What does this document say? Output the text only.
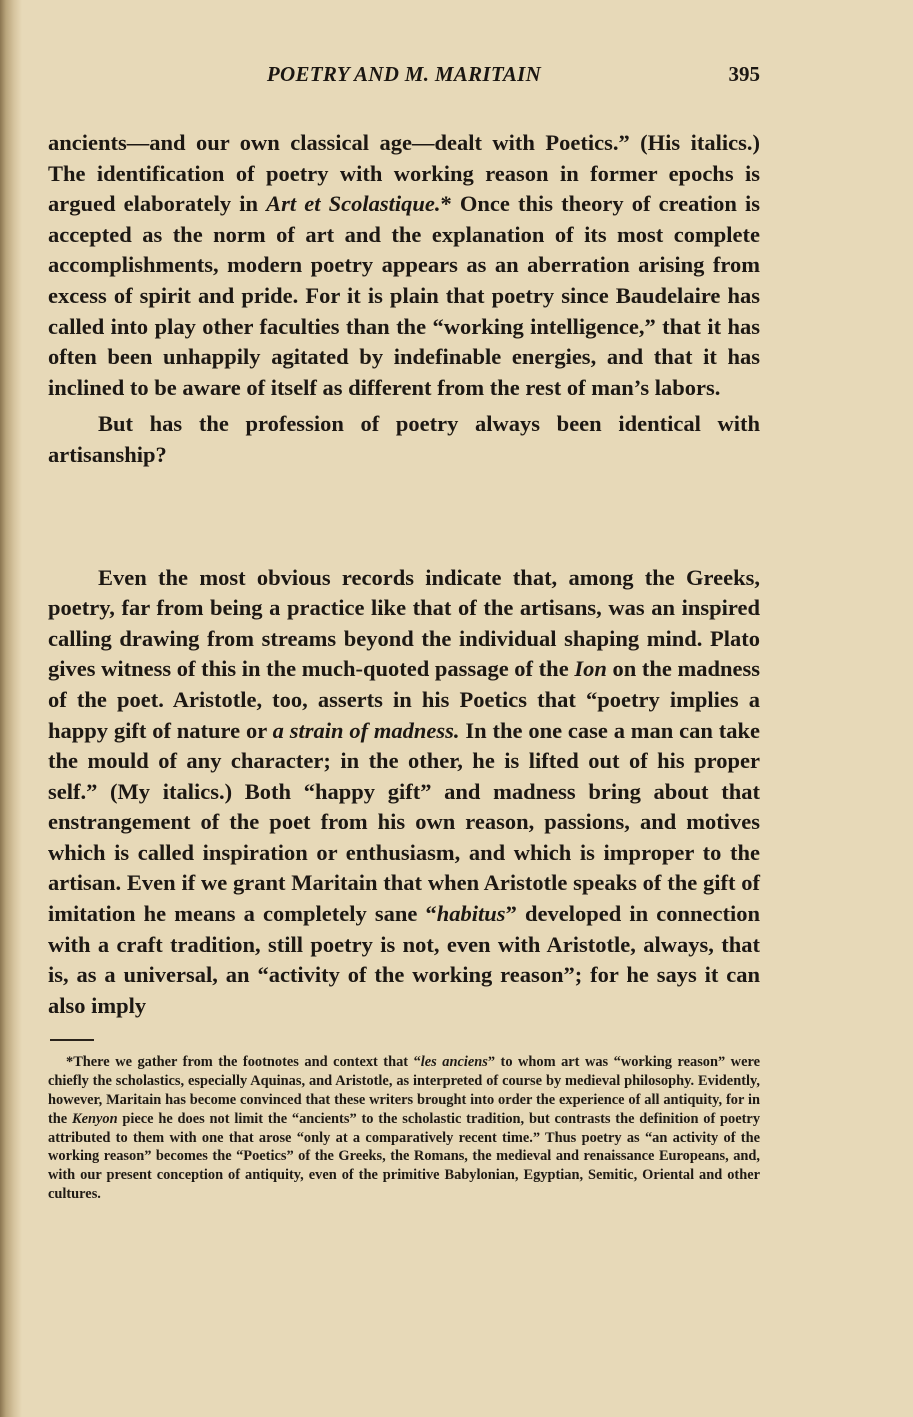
POETRY AND M. MARITAIN	395

ancients—and our own classical age—dealt with Poetics.” (His italics.) The identification of poetry with working reason in former epochs is argued elaborately in Art et Scolastique.* Once this theory of creation is accepted as the norm of art and the explanation of its most complete accomplishments, modern poetry appears as an aberration arising from excess of spirit and pride. For it is plain that poetry since Baudelaire has called into play other faculties than the “working intelligence,” that it has often been unhappily agitated by indefinable energies, and that it has inclined to be aware of itself as different from the rest of man’s labors.

But has the profession of poetry always been identical with artisanship?

Even the most obvious records indicate that, among the Greeks, poetry, far from being a practice like that of the artisans, was an inspired calling drawing from streams beyond the individual shaping mind. Plato gives witness of this in the much-quoted passage of the Ion on the madness of the poet. Aristotle, too, asserts in his Poetics that “poetry implies a happy gift of nature or a strain of madness. In the one case a man can take the mould of any character; in the other, he is lifted out of his proper self.” (My italics.) Both “happy gift” and madness bring about that enstrangement of the poet from his own reason, passions, and motives which is called inspiration or enthusiasm, and which is improper to the artisan. Even if we grant Maritain that when Aristotle speaks of the gift of imitation he means a completely sane “habitus” developed in connection with a craft tradition, still poetry is not, even with Aristotle, always, that is, as a universal, an “activity of the working reason”; for he says it can also imply

*There we gather from the footnotes and context that “les anciens” to whom art was “working reason” were chiefly the scholastics, especially Aquinas, and Aristotle, as interpreted of course by medieval philosophy. Evidently, however, Maritain has become convinced that these writers brought into order the experience of all antiquity, for in the Kenyon piece he does not limit the “ancients” to the scholastic tradition, but contrasts the definition of poetry attributed to them with one that arose “only at a comparatively recent time.” Thus poetry as “an activity of the working reason” becomes the “Poetics” of the Greeks, the Romans, the medieval and renaissance Europeans, and, with our present conception of antiquity, even of the primitive Babylonian, Egyptian, Semitic, Oriental and other cultures.
